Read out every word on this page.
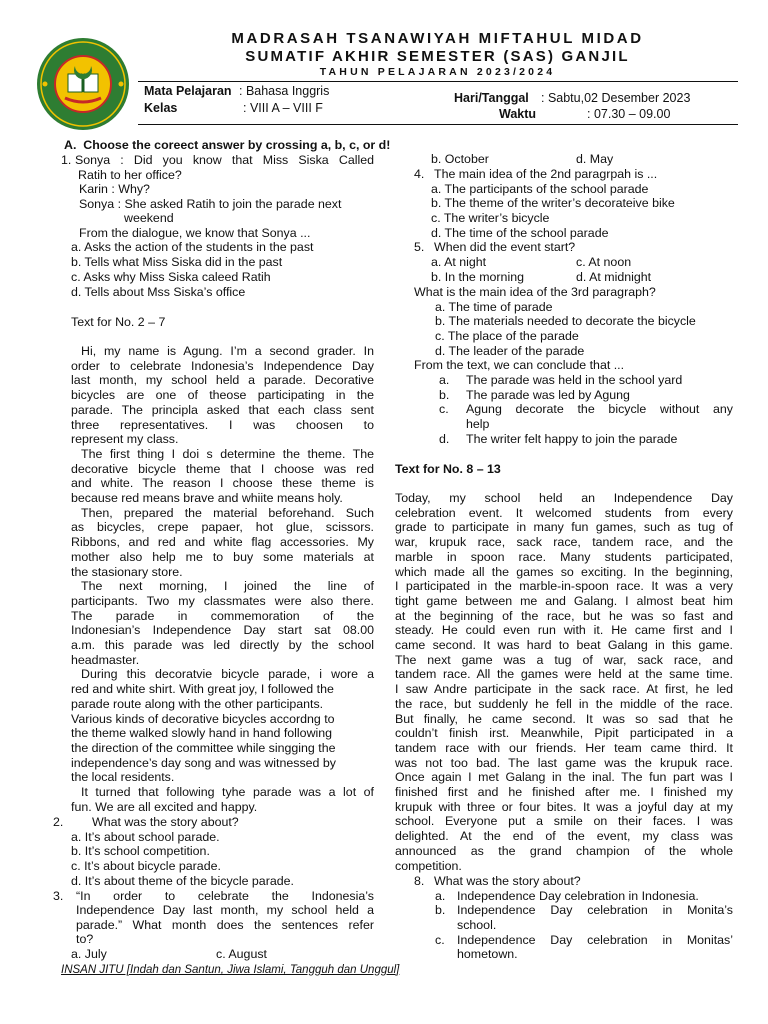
MADRASAH TSANAWIYAH MIFTAHUL MIDAD
SUMATIF AKHIR SEMESTER (SAS) GANJIL
TAHUN PELAJARAN 2023/2024
Mata Pelajaran : Bahasa Inggris
Kelas	: VIII A – VIII F
Hari/Tanggal : Sabtu,02 Desember 2023
Waktu	: 07.30 – 09.00
A.  Choose the coreect answer by crossing a, b, c, or d!
1. Sonya : Did you know that Miss Siska Called
Ratih to her office?
Karin : Why?
Sonya : She asked Ratih to join the parade next
weekend
From the dialogue, we know that Sonya ...
a. Asks the action of the students in the past
b. Tells what Miss Siska did in the past
c. Asks why Miss Siska caleed Ratih
d. Tells about Mss Siska’s office
Text for No. 2 – 7
Hi, my name is Agung. I’m a second grader. In
order to celebrate Indonesia’s Independence Day
last month, my school held a parade. Decorative
bicycles are one of theose participating in the
parade. The principla asked that each class sent
three representatives. I was choosen to
represent my class.
The first thing I doi s determine the theme. The
decorative bicycle theme that I choose was red
and white. The reason I choose these theme is
because red means brave and whiite means holy.
Then, prepared the material beforehand. Such
as bicycles, crepe papaer, hot glue, scissors.
Ribbons, and red and white flag accessories. My
mother also help me to buy some materials at
the stasionary store.
The next morning, I joined the line of
participants. Two my classmates were also there.
The parade in commemoration of the
Indonesian’s Independence Day start sat 08.00
a.m. this parade was led directly by the school
headmaster.
During this decoratvie bicycle parade, i wore a
red and white shirt. With great joy, I followed the
parade route along with the other participants.
Various kinds of decorative bicycles accordng to
the theme walked slowly hand in hand following
the direction of the committee while singging the
independence’s day song and was witnessed by
the local residents.
It turned that following tyhe parade was a lot of
fun. We are all excited and happy.
2. What was the story about?
a. It’s about school parade.
b. It’s school competition.
c. It’s about bicycle parade.
d. It’s about theme of the bicycle parade.
3. “In order to celebrate the Indonesia’s
Independence Day last month, my school held a
parade.” What month does the sentences refer
to?
a. July	c. August
INSAN JITU [Indah dan Santun, Jiwa Islami, Tangguh dan Unggul]
b. October	d. May
4. The main idea of the 2nd paragrpah is ...
a. The participants of the school parade
b. The theme of the writer’s decorateive bike
c. The writer’s bicycle
d. The time of the school parade
5. When did the event start?
a. At night	c. At noon
b. In the morning	d. At midnight
What is the main idea of the 3rd paragraph?
a. The time of parade
b. The materials needed to decorate the bicycle
c. The place of the parade
d. The leader of the parade
From the text, we can conclude that ...
a. The parade was held in the school yard
b. The parade was led by Agung
c. Agung decorate the bicycle without any
help
d. The writer felt happy to join the parade
Text for No. 8 – 13
Today, my school held an Independence Day
celebration event. It welcomed students from every
grade to participate in many fun games, such as tug of
war, krupuk race, sack race, tandem race, and the
marble in spoon race. Many students participated,
which made all the games so exciting. In the beginning,
I participated in the marble-in-spoon race. It was a very
tight game between me and Galang. I almost beat him
at the beginning of the race, but he was so fast and
steady. He could even run with it. He came first and I
came second. It was hard to beat Galang in this game.
The next game was a tug of war, sack race, and
tandem race. All the games were held at the same time.
I saw Andre participate in the sack race. At first, he led
the race, but suddenly he fell in the middle of the race.
But finally, he came second. It was so sad that he
couldn’t finish irst. Meanwhile, Pipit participated in a
tandem race with our friends. Her team came third. It
was not too bad. The last game was the krupuk race.
Once again I met Galang in the inal. The fun part was I
finished first and he finished after me. I finished my
krupuk with three or four bites. It was a joyful day at my
school. Everyone put a smile on their faces. I was
delighted. At the end of the event, my class was
announced as the grand champion of the whole
competition.
8. What was the story about?
a. Independence Day celebration in Indonesia.
b. Independence Day celebration in Monita’s
school.
c. Independence Day celebration in Monitas’
hometown.
